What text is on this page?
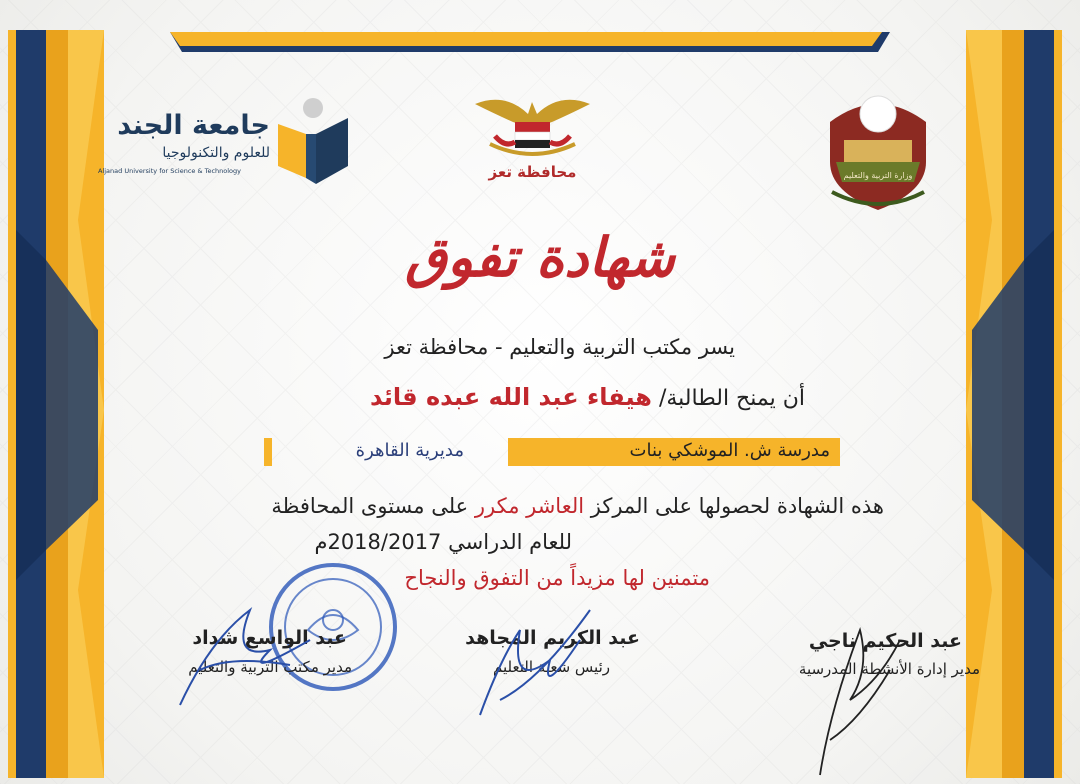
جامعة الجند
للعلوم والتكنولوجيا
Aljanad University for Science & Technology	محافظة تعز	وزارة التربية والتعليم
شهادة تفوق
يسر مكتب التربية والتعليم - محافظة تعز
أن يمنح الطالبة/ هيفاء عبد الله عبده قائد
مدرسة ش. الموشكي بنات
مديرية القاهرة
هذه الشهادة لحصولها على المركز العاشر مكرر على مستوى المحافظة
للعام الدراسي 2018/2017م
متمنين لها مزيداً من التفوق والنجاح
عبد الواسع شداد
مدير مكتب التربية والتعليم
عبد الكريم المجاهد
رئيس شعبة التعليم
عبد الحكيم ناجي
مدير إدارة الأنشطة المدرسية
